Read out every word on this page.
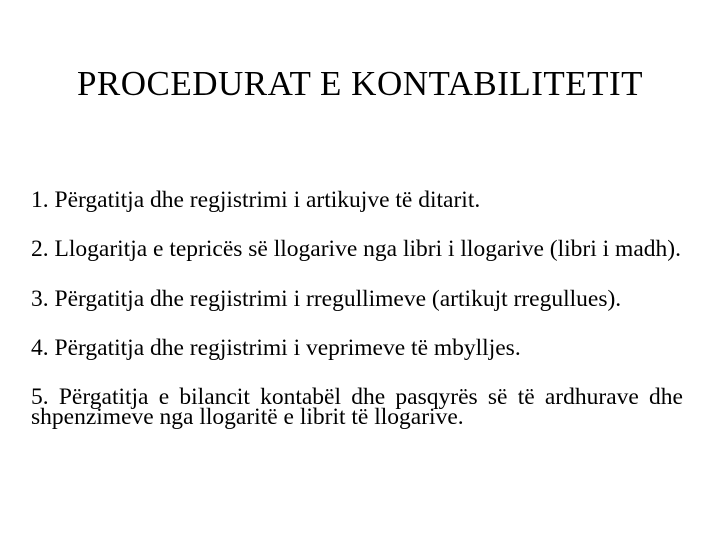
PROCEDURAT E KONTABILITETIT
1. Përgatitja dhe regjistrimi i artikujve të ditarit.
2. Llogaritja e tepricës së llogarive nga libri i llogarive (libri i madh).
3. Përgatitja dhe regjistrimi i rregullimeve (artikujt rregullues).
4. Përgatitja dhe regjistrimi i veprimeve të mbylljes.
5. Përgatitja e bilancit kontabël dhe pasqyrës së të ardhurave dhe shpenzimeve nga llogaritë e librit të llogarive.
